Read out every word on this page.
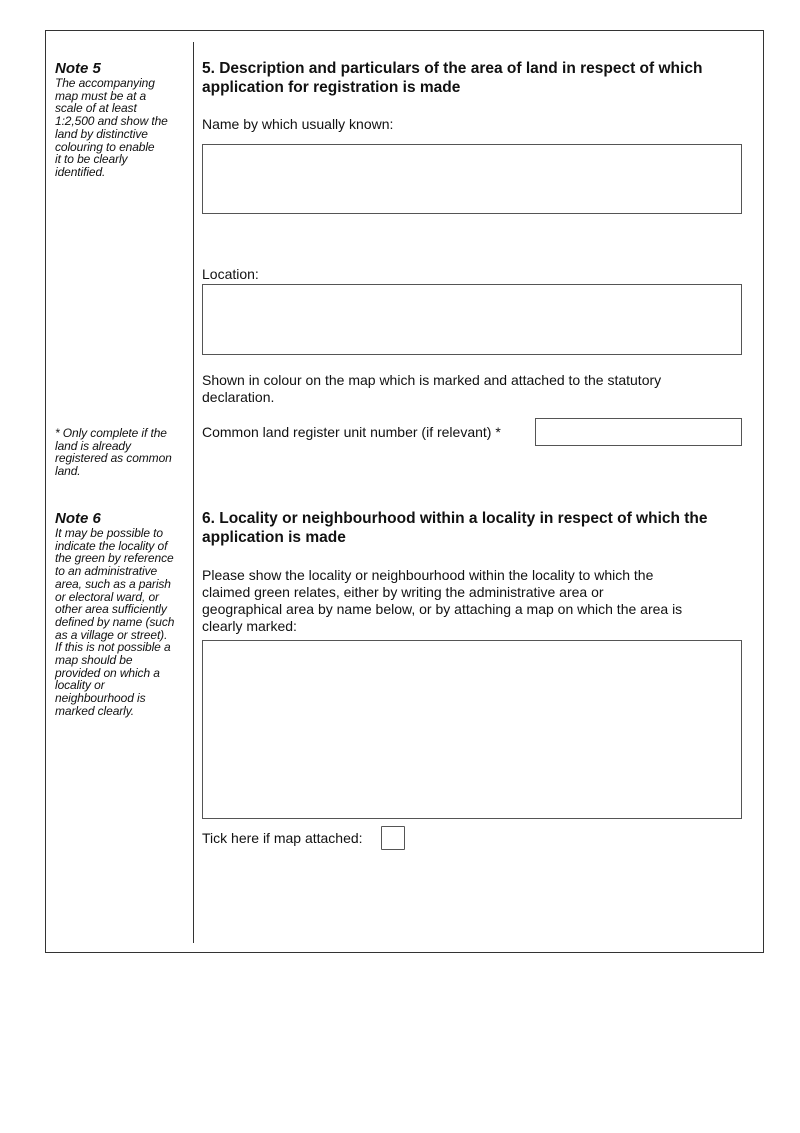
Note 5

The accompanying
map must be at a
scale of at least
1:2,500 and show the
land by distinctive
colouring to enable
it to be clearly
identified.

* Only complete if the
land is already
registered as common
land.

Note 6

It may be possible to
indicate the locality of
the green by reference
to an administrative
area, such as a parish
or electoral ward, or
other area sufficiently
defined by name (such
as a village or street).
If this is not possible a
map should be
provided on which a
locality or
neighbourhood is
marked clearly.

5. Description and particulars of the area of land in respect of which application for registration is made

Name by which usually known:

Location:

Shown in colour on the map which is marked and attached to the statutory
declaration.

Common land register unit number (if relevant) *

6. Locality or neighbourhood within a locality in respect of which the application is made

Please show the locality or neighbourhood within the locality to which the
claimed green relates, either by writing the administrative area or
geographical area by name below, or by attaching a map on which the area is
clearly marked:

Tick here if map attached:
